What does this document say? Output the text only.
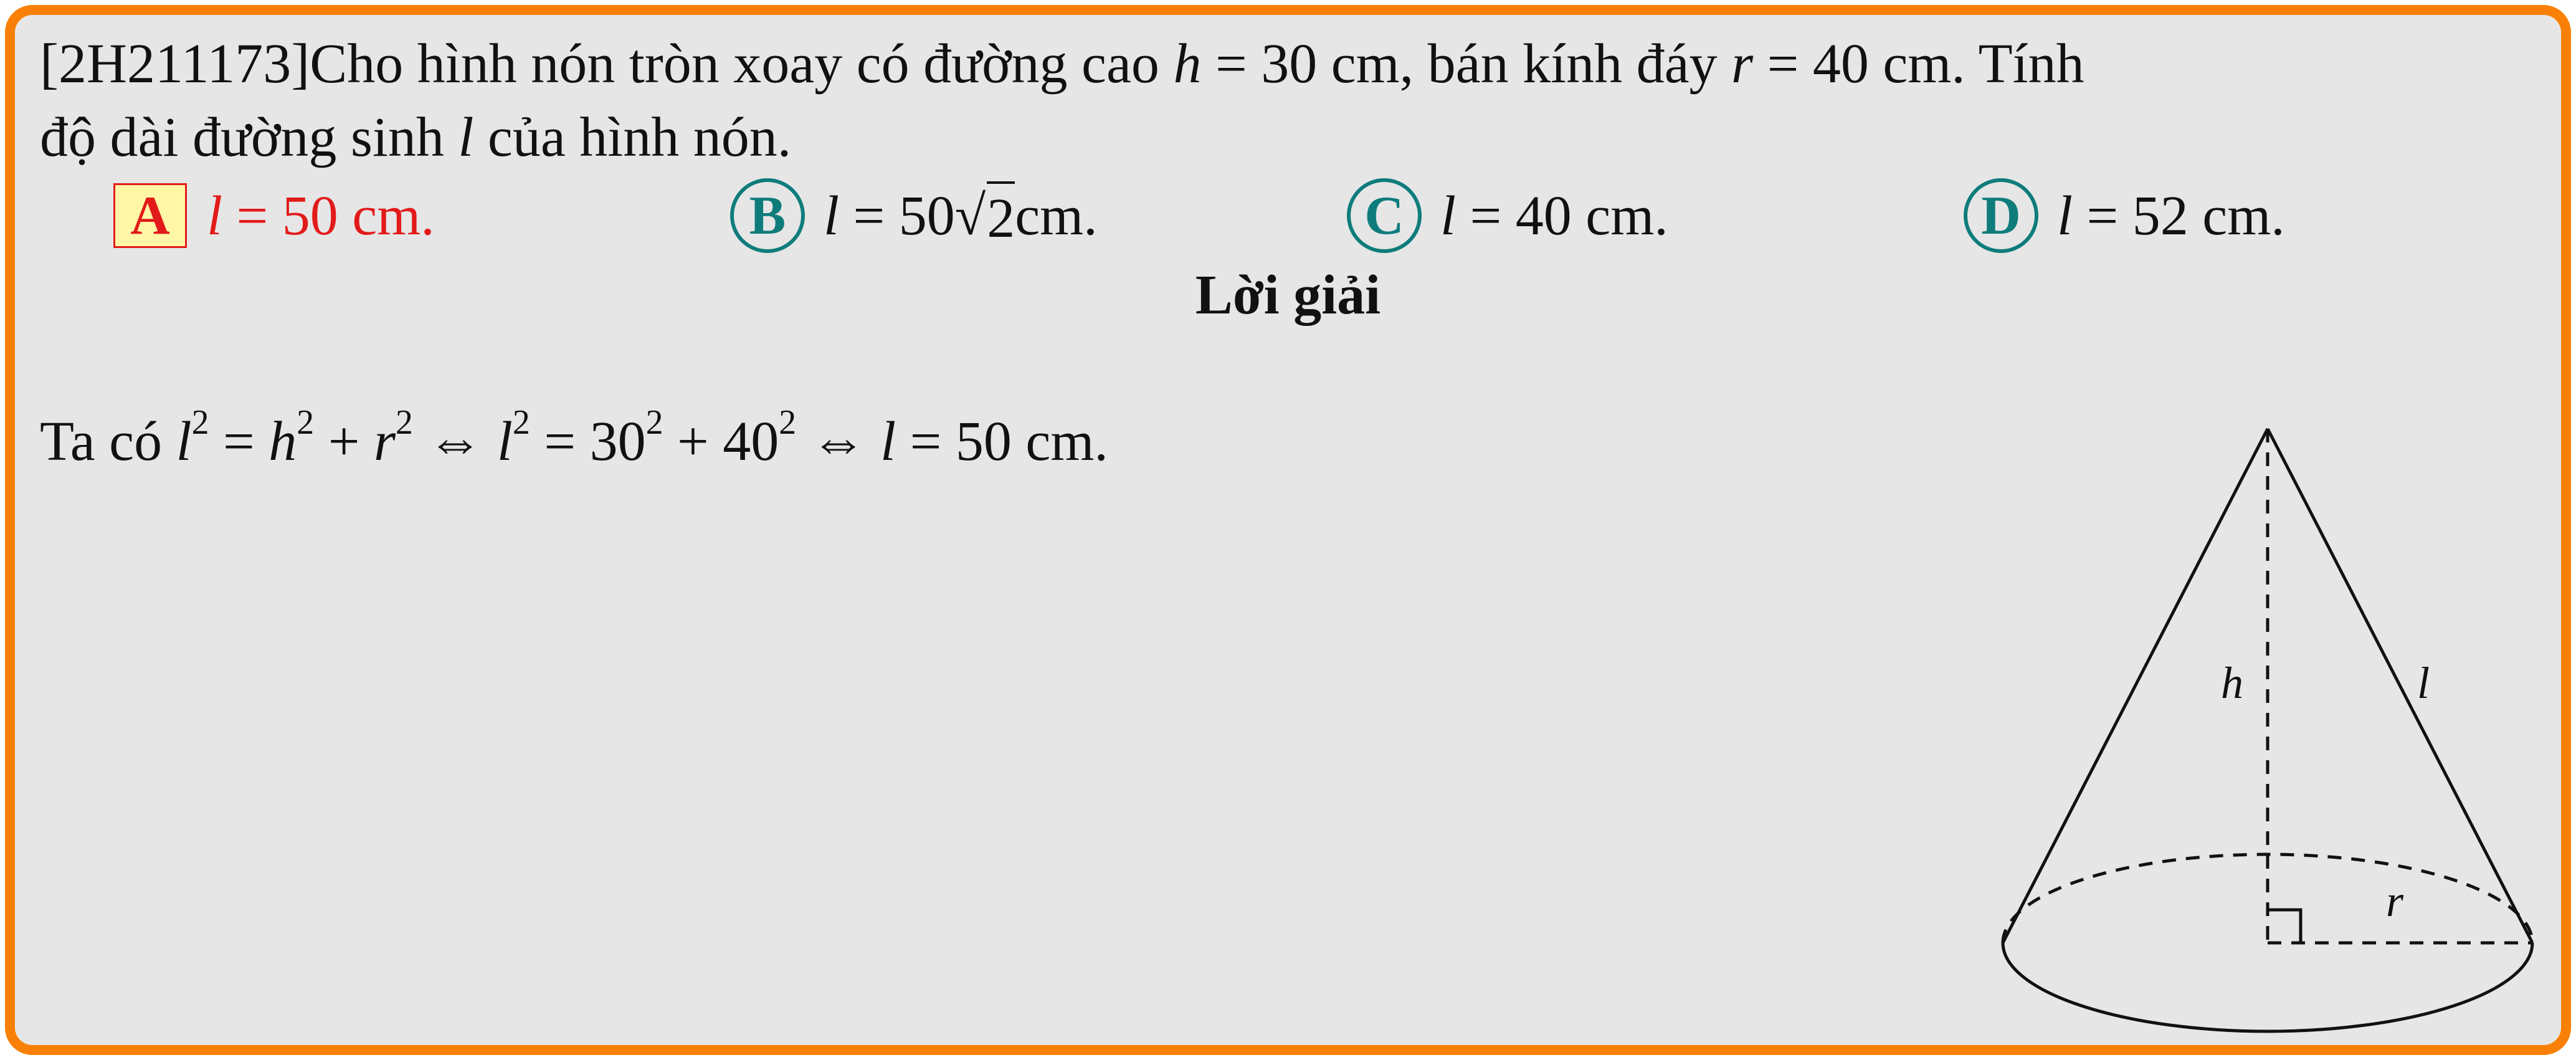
[2H211173]Cho hình nón tròn xoay có đường cao h = 30 cm, bán kính đáy r = 40 cm. Tính
độ dài đường sinh l của hình nón.
A l
= 50 cm.	B l
= 50 √ 2 cm.	C l
= 40 cm.	D l
= 52 cm.
Lời giải
Ta có $l^2 = h^2 + r^2$ ⇔ $l^2 = 30^2 + 40^2$ ⇔ l = 50 cm.
h	l
r
